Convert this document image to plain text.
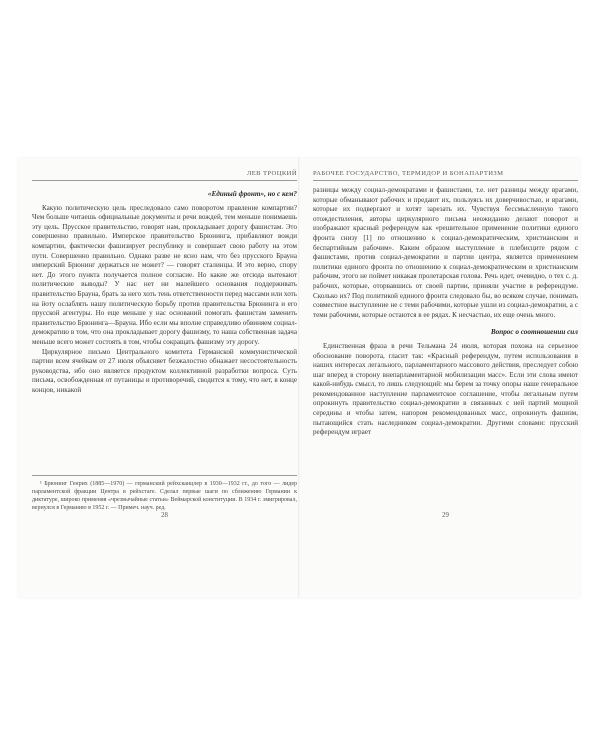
ЛЕВ ТРОЦКИЙ
«Единый фронт», но с кем?

Какую политическую цель преследовало само поворотом правление компартии? Чем больше читаешь официальные документы и речи вождей, тем меньше понимаешь эту цель. Прусское правительство, говорят нам, прокладывает дорогу фашистам. Это совершенно правильно. Имперское правительство Брюнинга, прибавляют вожди компартии, фактически фашизирует республику и совершает свою работу на этом пути. Совершенно правильно. Однако разве не ясно нам, что без прусского Брауна имперский Брюнинг держаться не может? — говорят сталинцы. И это верно, спору нет. До этого пункта получается полное согласие. Но какие же отсюда вытекают политические выводы? У нас нет ни малейшего основания поддерживать правительство Брауна, брать за него хоть тень ответственности перед массами или хоть на йоту ослаблять нашу политическую борьбу против правительства Брюнинга и его прусской агентуры. Но еще меньше у нас оснований помогать фашистам заменить правительство Брюнинга—Брауна. Ибо если мы вполне справедливо обвиняем социал-демократию в том, что она прокладывает дорогу фашизму, то наша собственная задача меньше всего может состоять в том, чтобы сокращать фашизму эту дорогу.

Циркулярное письмо Центрального комитета Германской коммунистической партии всем ячейкам от 27 июля объясняет безжалостно обнажает несостоятельность руководства, ибо оно является продуктом коллективной разработки вопроса. Суть письма, освобожденная от путаницы и противоречий, сводится к тому, что нет, в конце концов, никакой

¹ Брюнинг Генрих (1885—1970) — германский рейхсканцлер в 1930—1932 гг., до того — лидер парламентской фракции Центра в рейхстаге. Сделал первые шаги по сближению Германии к диктатуре, широко применяя «чрезвычайные статьи» Веймарской конституции. В 1934 г. эмигрировал, вернулся в Германию в 1952 г. — Примеч. науч. ред.

28
РАБОЧЕЕ ГОСУДАРСТВО, ТЕРМИДОР И БОНАПАРТИЗМ

разницы между социал-демократами и фашистами, т.е. нет разницы между врагами, которые обманывают рабочих и предают их, пользуясь их доверчивостью, и врагами, которые их подвергают и хотят зарезать их. Чувствуя бессмысленную такого отождествления, авторы циркулярного письма неожиданно делают поворот и изображают красный референдум как «решительное применение политики единого фронта снизу [1] по отношению к социал-демократическим, христианским и беспартийным рабочим». Каким образом выступление в плебисците рядом с фашистами, против социал-демократии и партии центра, является применением политики единого фронта по отношению к социал-демократическим и христианским рабочим, этого не поймет никакая пролетарская голова. Речь идет, очевидно, о тех с. д. рабочих, которые, оторвавшись от своей партии, приняли участие в референдуме. Сколько их? Под политикой единого фронта следовало бы, во всяком случае, понимать совместное выступление не с теми рабочими, которые ушли из социал-демократии, а с теми рабочими, которые остаются в ее рядах. К несчастью, их еще очень много.

Вопрос о соотношении сил

Единственная фраза в речи Тельмана 24 июля, которая похожа на серьезное обоснование поворота, гласит так: «Красный референдум, путем использования в наших интересах легального, парламентарного массового действия, преследует собою шаг вперед в сторону внепарламентарной мобилизации масс». Если эти слова имеют какой-нибудь смысл, то лишь следующий: мы берем за точку опоры наше генеральное рекомендованное наступление парламентское соглашение, чтобы легальным путем опрокинуть правительство социал-демократии в связанных с ней партий мощной середины и чтобы затем, напором рекомендованных масс, опрокинуть фашизм, пытающийся стать наследником социал-демократии. Другими словами: прусский референдум играет

29
